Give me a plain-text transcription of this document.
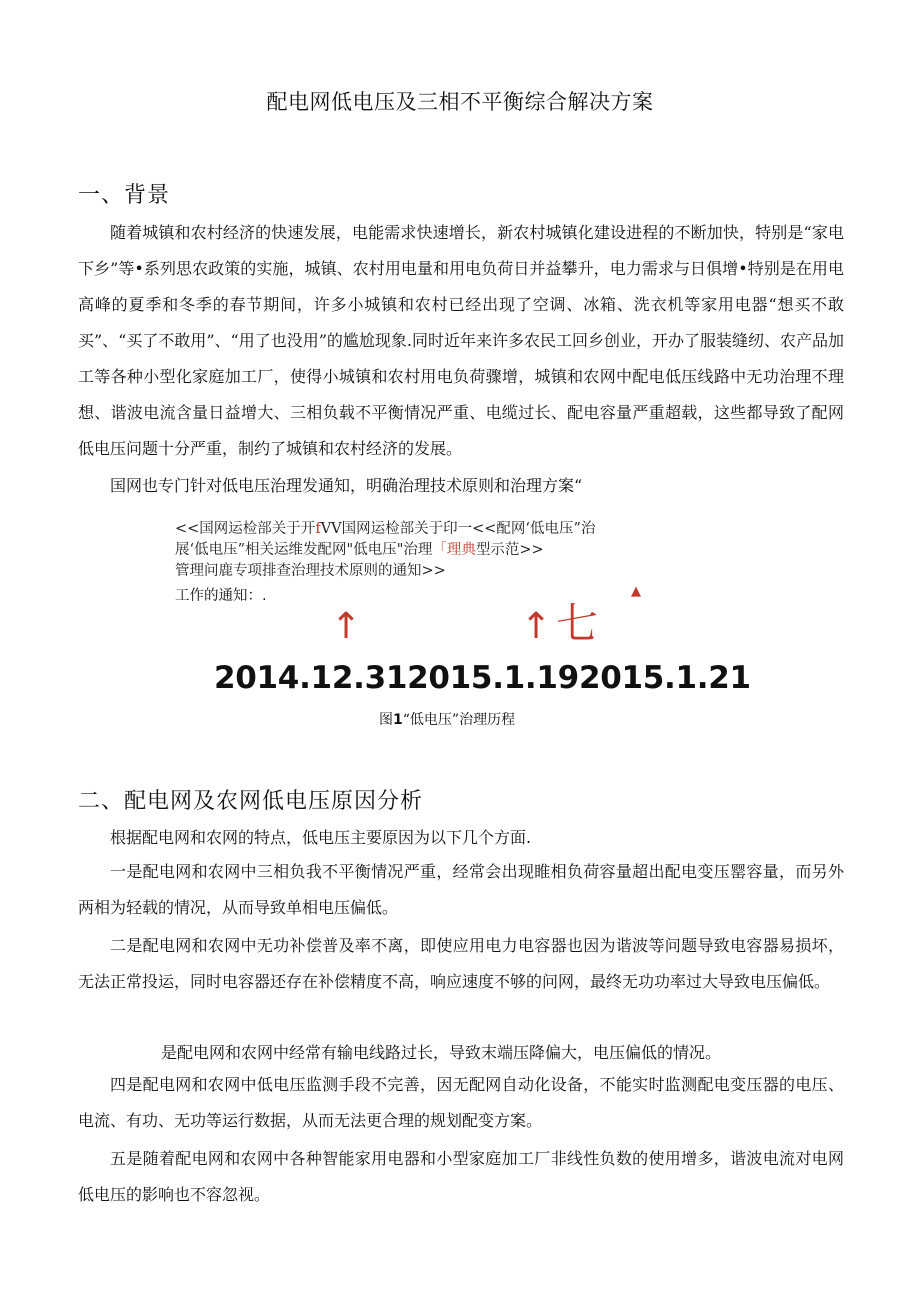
配电网低电压及三相不平衡综合解决方案
一、背景

随着城镇和农村经济的快速发展，电能需求快速增长，新农村城镇化建设进程的不断加快，特别是“家电下乡”等•系列思农政策的实施，城镇、农村用电量和用电负荷日并益攀升，电力需求与日俱增•特别是在用电高峰的夏季和冬季的春节期间，许多小城镇和农村已经出现了空调、冰箱、洗衣机等家用电器“想买不敢买”、“买了不敢用”、“用了也没用”的尴尬现象.同时近年来许多农民工回乡创业，开办了服装缝纫、农产品加工等各种小型化家庭加工厂，使得小城镇和农村用电负荷骤增，城镇和农网中配电低压线路中无功治理不理想、谐波电流含量日益增大、三相负载不平衡情况严重、电缆过长、配电容量严重超载，这些都导致了配网低电压问题十分严重，制约了城镇和农村经济的发展。

国网也专门针对低电压治理发通知，明确治理技术原则和治理方案“

<<国网运检部关于开fVV国网运检部关于印一<<配网‘低电压”治

展‘低电压”相关运维发配网"低电压"治理「理典型示范>>

管理问鹿专项排查治理技术原则的通知>>

工作的通知：.	▲
↑	↑ 七

2014.12.312015.1.192015.1.21

图1“低电压”治理历程

二、配电网及农网低电压原因分析

根据配电网和农网的特点，低电压主要原因为以下几个方面.

一是配电网和农网中三相负我不平衡情况严重，经常会出现睢相负荷容量超出配电变压罂容量，而另外两相为轻载的情况，从而导致单相电压偏低。

二是配电网和农网中无功补偿普及率不离，即使应用电力电容器也因为谐波等问题导致电容器易损坏，无法正常投运，同时电容器还存在补偿精度不高，响应速度不够的问网，最终无功功率过大导致电压偏低。

是配电网和农网中经常有输电线路过长，导致末端压降偏大，电压偏低的情况。

四是配电网和农网中低电压监测手段不完善，因无配网自动化设备，不能实时监测配电变压器的电压、电流、有功、无功等运行数据，从而无法更合理的规划配变方案。

五是随着配电网和农网中各种智能家用电器和小型家庭加工厂非线性负数的使用增多，谐波电流对电网低电压的影响也不容忽视。
